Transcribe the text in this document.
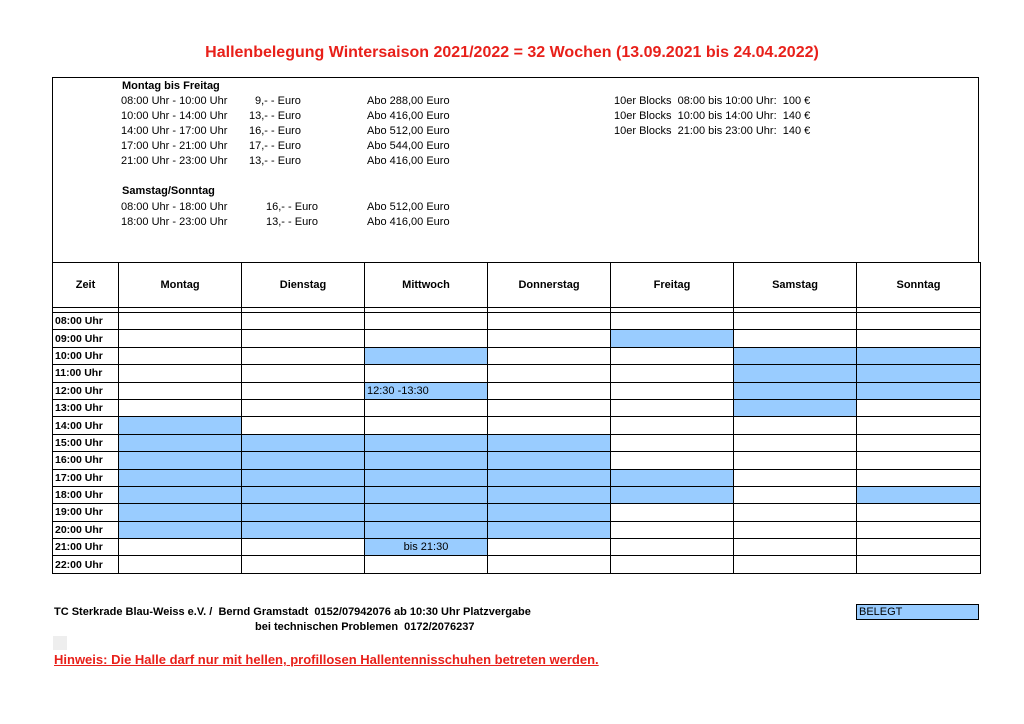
Hallenbelegung Wintersaison 2021/2022 = 32 Wochen (13.09.2021 bis 24.04.2022)
Montag bis Freitag
08:00 Uhr - 10:00 Uhr	9,- - Euro	Abo 288,00 Euro
10:00 Uhr - 14:00 Uhr 13,- - Euro	Abo 416,00 Euro
14:00 Uhr - 17:00 Uhr 16,- - Euro	Abo 512,00 Euro
17:00 Uhr - 21:00 Uhr 17,- - Euro	Abo 544,00 Euro
21:00 Uhr - 23:00 Uhr 13,- - Euro	Abo 416,00 Euro
Samstag/Sonntag
08:00 Uhr - 18:00 Uhr	16,- - Euro	Abo 512,00 Euro
18:00 Uhr - 23:00 Uhr	13,- - Euro	Abo 416,00 Euro
10er Blocks  08:00 bis 10:00 Uhr:  100 €
10er Blocks  10:00 bis 14:00 Uhr:  140 €
10er Blocks  21:00 bis 23:00 Uhr:  140 €
Zeit	Montag	Dienstag	Mittwoch	Donnerstag	Freitag	Samstag	Sonntag

08:00 Uhr							
09:00 Uhr							
10:00 Uhr							
11:00 Uhr							
12:00 Uhr			12:30 -13:30				
13:00 Uhr							
14:00 Uhr							
15:00 Uhr							
16:00 Uhr							
17:00 Uhr							
18:00 Uhr							
19:00 Uhr							
20:00 Uhr							
21:00 Uhr			bis 21:30				
22:00 Uhr							
TC Sterkrade Blau-Weiss e.V. /  Bernd Gramstadt  0152/07942076 ab 10:30 Uhr Platzvergabe
bei technischen Problemen  0172/2076237
BELEGT
Hinweis: Die Halle darf nur mit hellen, profillosen Hallentennisschuhen betreten werden.
